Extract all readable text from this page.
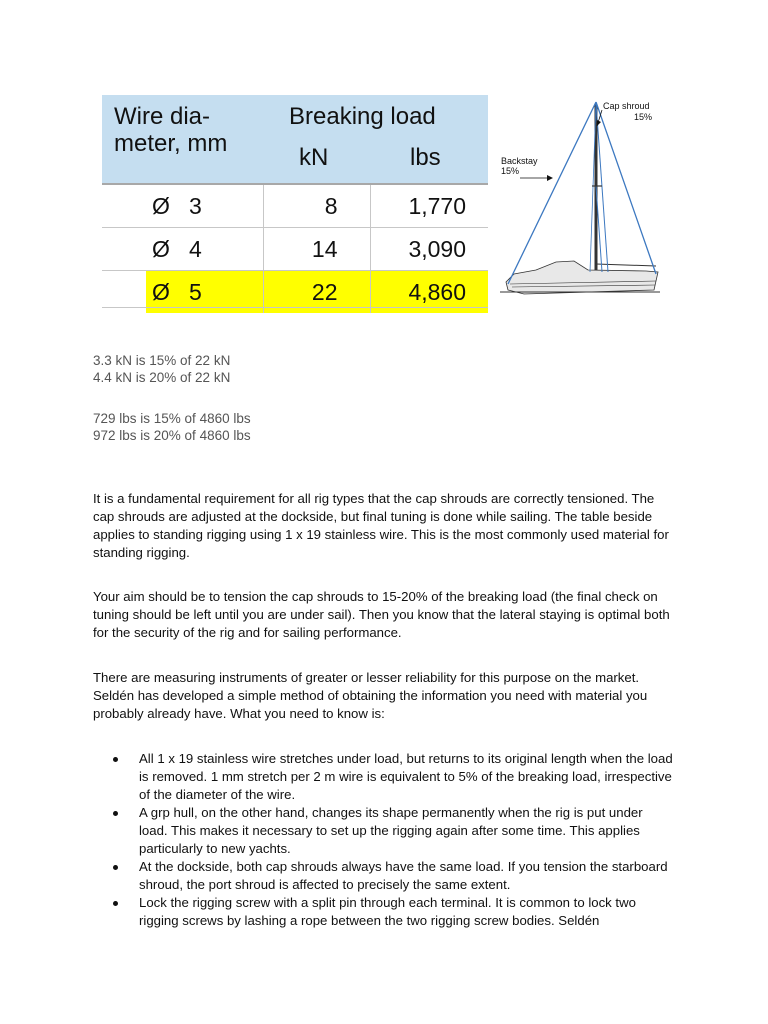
Wire dia-
meter, mm	Breaking load	
	kN	lbs
Ø 3	8	1,770
Ø 4	14	3,090
Ø 5	22	4,860
Cap shroud
15%
Backstay
15%

3.3 kN is 15% of 22 kN

4.4 kN is 20% of 22 kN

729 lbs is 15% of 4860 lbs

972 lbs is 20% of 4860 lbs

It is a fundamental requirement for all rig types that the cap shrouds are correctly tensioned. The cap shrouds are adjusted at the dockside, but final tuning is done while sailing. The table beside applies to standing rigging using 1 x 19 stainless wire. This is the most commonly used material for standing rigging.

Your aim should be to tension the cap shrouds to 15-20% of the breaking load (the final check on tuning should be left until you are under sail). Then you know that the lateral staying is optimal both for the security of the rig and for sailing performance.

There are measuring instruments of greater or lesser reliability for this purpose on the market. Seldén has developed a simple method of obtaining the information you need with material you probably already have. What you need to know is:

All 1 x 19 stainless wire stretches under load, but returns to its original length when the load is removed. 1 mm stretch per 2 m wire is equivalent to 5% of the breaking load, irrespective of the diameter of the wire.
A grp hull, on the other hand, changes its shape permanently when the rig is put under load. This makes it necessary to set up the rigging again after some time. This applies particularly to new yachts.
At the dockside, both cap shrouds always have the same load. If you tension the starboard shroud, the port shroud is affected to precisely the same extent.
Lock the rigging screw with a split pin through each terminal. It is common to lock two rigging screws by lashing a rope between the two rigging screw bodies. Seldén
